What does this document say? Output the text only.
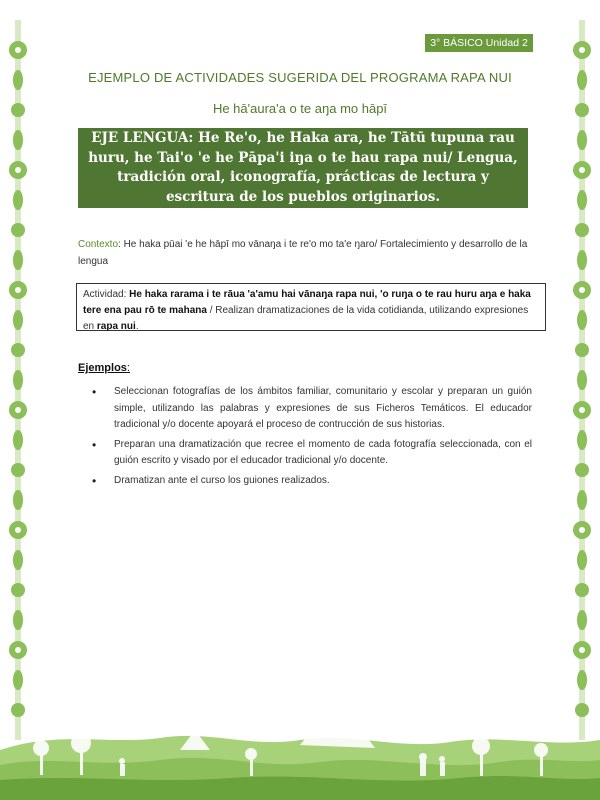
3° BÁSICO Unidad 2
EJEMPLO DE ACTIVIDADES SUGERIDA DEL PROGRAMA RAPA NUI
He hā'aura'a o te aŋa mo hāpī
EJE LENGUA: He Re'o, he Haka ara, he Tātū tupuna rau huru, he Tai'o 'e he Pāpa'i iŋa o te hau rapa nui/ Lengua, tradición oral, iconografía, prácticas de lectura y escritura de los pueblos originarios.
Contexto: He haka pūai 'e he hāpī mo vānaŋa i te re'o mo ta'e ŋaro/ Fortalecimiento y desarrollo de la lengua
Actividad: He haka rarama i te rāua 'a'amu hai vānaŋa rapa nui, 'o ruŋa o te rau huru aŋa e haka tere ena pau rō te mahana / Realizan dramatizaciones de la vida cotidianda, utilizando expresiones en rapa nui.
Ejemplos:
• Seleccionan fotografías de los ámbitos familiar, comunitario y escolar y preparan un guión simple, utilizando las palabras y expresiones de sus Ficheros Temáticos. El educador tradicional y/o docente apoyará el proceso de contrucción de sus historias.
• Preparan una dramatización que recree el momento de cada fotografía seleccionada, con el guión escrito y visado por el educador tradicional y/o docente.
• Dramatizan ante el curso los guiones realizados.
